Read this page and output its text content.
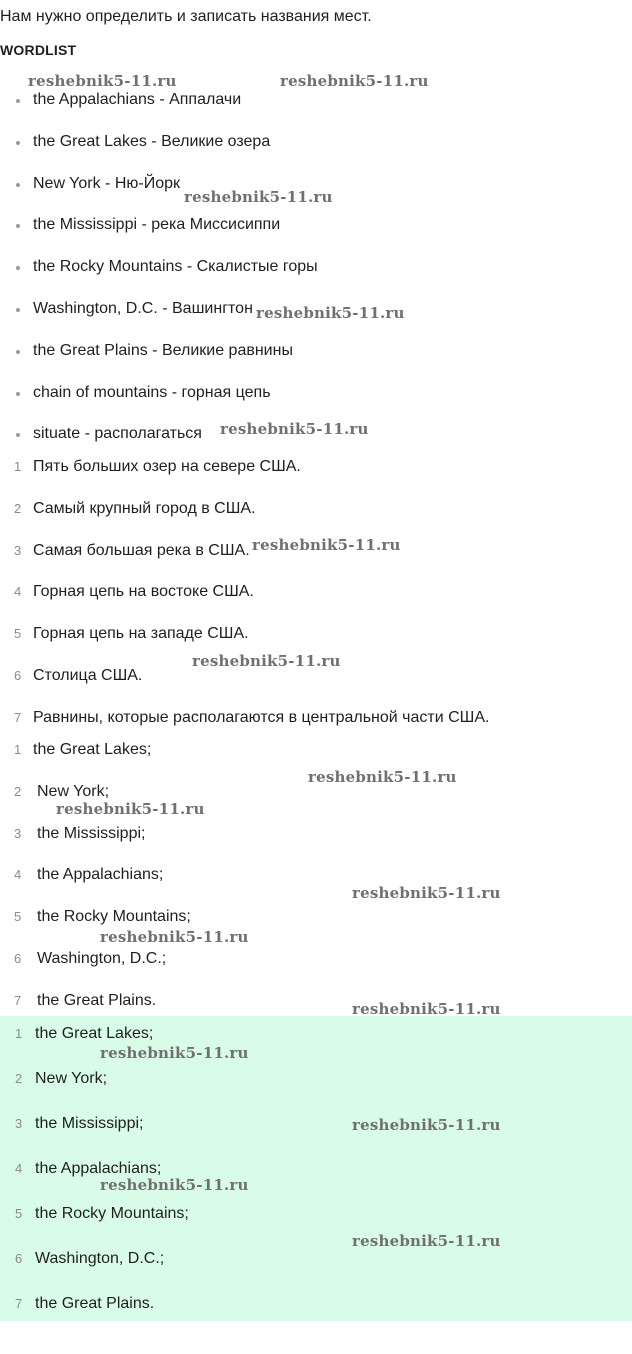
Нам нужно определить и записать названия мест.
WORDLIST
the Appalachians - Аппалачи
the Great Lakes - Великие озера
New York - Ню-Йорк
the Mississippi - река Миссисиппи
the Rocky Mountains - Скалистые горы
Washington, D.C. - Вашингтон
the Great Plains - Великие равнины
chain of mountains - горная цепь
situate - располагаться
1 Пять больших озер на севере США.
2 Самый крупный город в США.
3 Самая большая река в США.
4 Горная цепь на востоке США.
5 Горная цепь на западе США.
6 Столица США.
7 Равнины, которые располагаются в центральной части США.
1 the Great Lakes;
2 New York;
3 the Mississippi;
4 the Appalachians;
5 the Rocky Mountains;
6 Washington, D.C.;
7 the Great Plains.
1 the Great Lakes;
2 New York;
3 the Mississippi;
4 the Appalachians;
5 the Rocky Mountains;
6 Washington, D.C.;
7 the Great Plains.
reshebnik5-11.ru	reshebnik5-11.ru
reshebnik5-11.ru
reshebnik5-11.ru
reshebnik5-11.ru
reshebnik5-11.ru
reshebnik5-11.ru
reshebnik5-11.ru
reshebnik5-11.ru
reshebnik5-11.ru
reshebnik5-11.ru
reshebnik5-11.ru
reshebnik5-11.ru
reshebnik5-11.ru
reshebnik5-11.ru
reshebnik5-11.ru
